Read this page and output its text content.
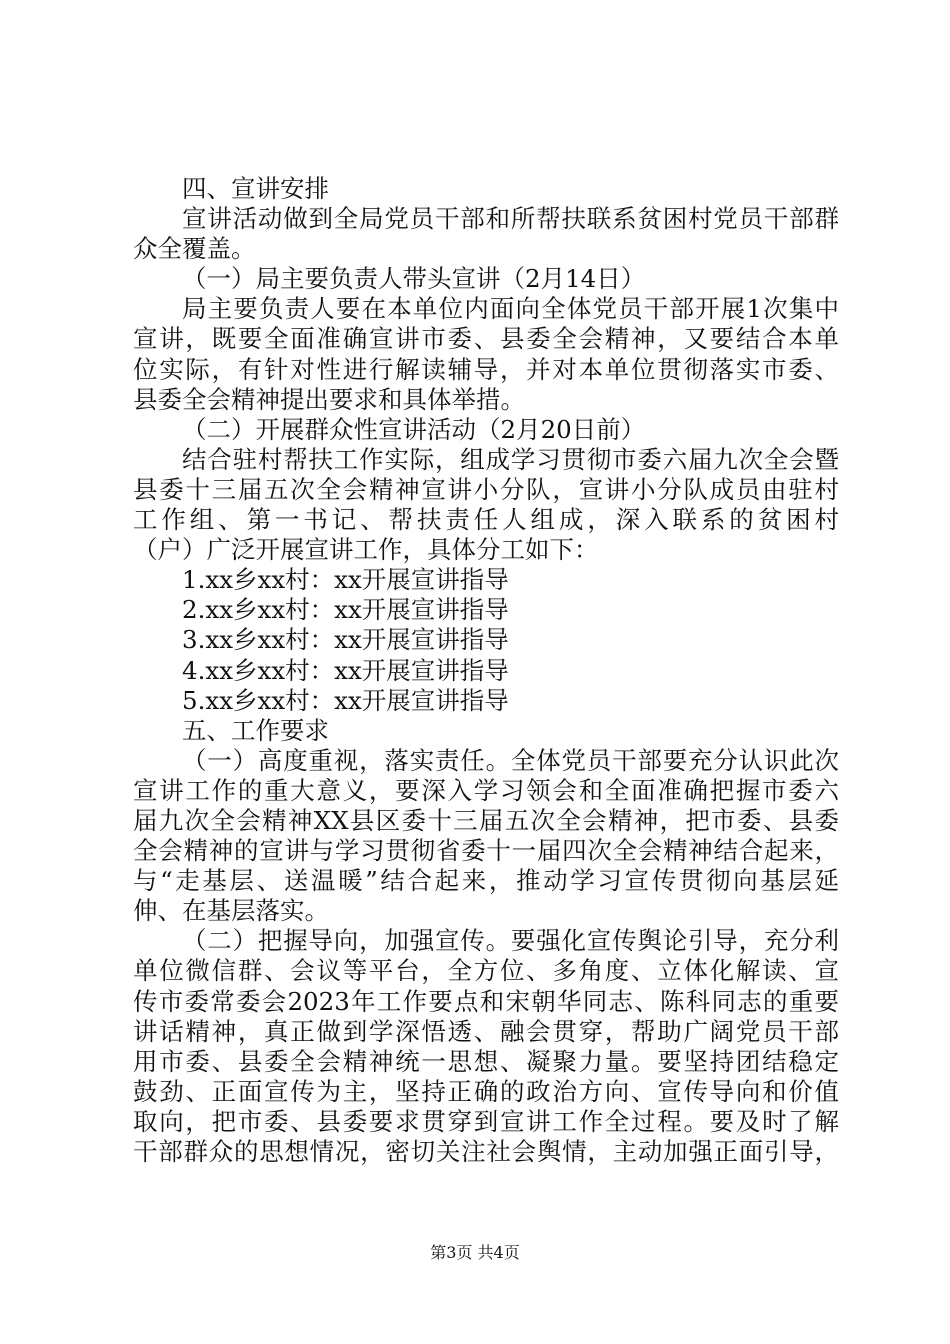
四、宣讲安排
宣讲活动做到全局党员干部和所帮扶联系贫困村党员干部群
众全覆盖。
（一）局主要负责人带头宣讲（2月14日）
局主要负责人要在本单位内面向全体党员干部开展1次集中
宣讲，既要全面准确宣讲市委、县委全会精神，又要结合本单
位实际，有针对性进行解读辅导，并对本单位贯彻落实市委、
县委全会精神提出要求和具体举措。
（二）开展群众性宣讲活动（2月20日前）
结合驻村帮扶工作实际，组成学习贯彻市委六届九次全会暨
县委十三届五次全会精神宣讲小分队，宣讲小分队成员由驻村
工作组、第一书记、帮扶责任人组成，深入联系的贫困村
（户）广泛开展宣讲工作，具体分工如下：
1.xx乡xx村：xx开展宣讲指导
2.xx乡xx村：xx开展宣讲指导
3.xx乡xx村：xx开展宣讲指导
4.xx乡xx村：xx开展宣讲指导
5.xx乡xx村：xx开展宣讲指导
五、工作要求
（一）高度重视，落实责任。全体党员干部要充分认识此次
宣讲工作的重大意义，要深入学习领会和全面准确把握市委六
届九次全会精神XX县区委十三届五次全会精神，把市委、县委
全会精神的宣讲与学习贯彻省委十一届四次全会精神结合起来，
与“走基层、送温暖”结合起来，推动学习宣传贯彻向基层延
伸、在基层落实。
（二）把握导向，加强宣传。要强化宣传舆论引导，充分利
单位微信群、会议等平台，全方位、多角度、立体化解读、宣
传市委常委会2023年工作要点和宋朝华同志、陈科同志的重要
讲话精神，真正做到学深悟透、融会贯穿，帮助广阔党员干部
用市委、县委全会精神统一思想、凝聚力量。要坚持团结稳定
鼓劲、正面宣传为主，坚持正确的政治方向、宣传导向和价值
取向，把市委、县委要求贯穿到宣讲工作全过程。要及时了解
干部群众的思想情况，密切关注社会舆情，主动加强正面引导，
第3页 共4页
